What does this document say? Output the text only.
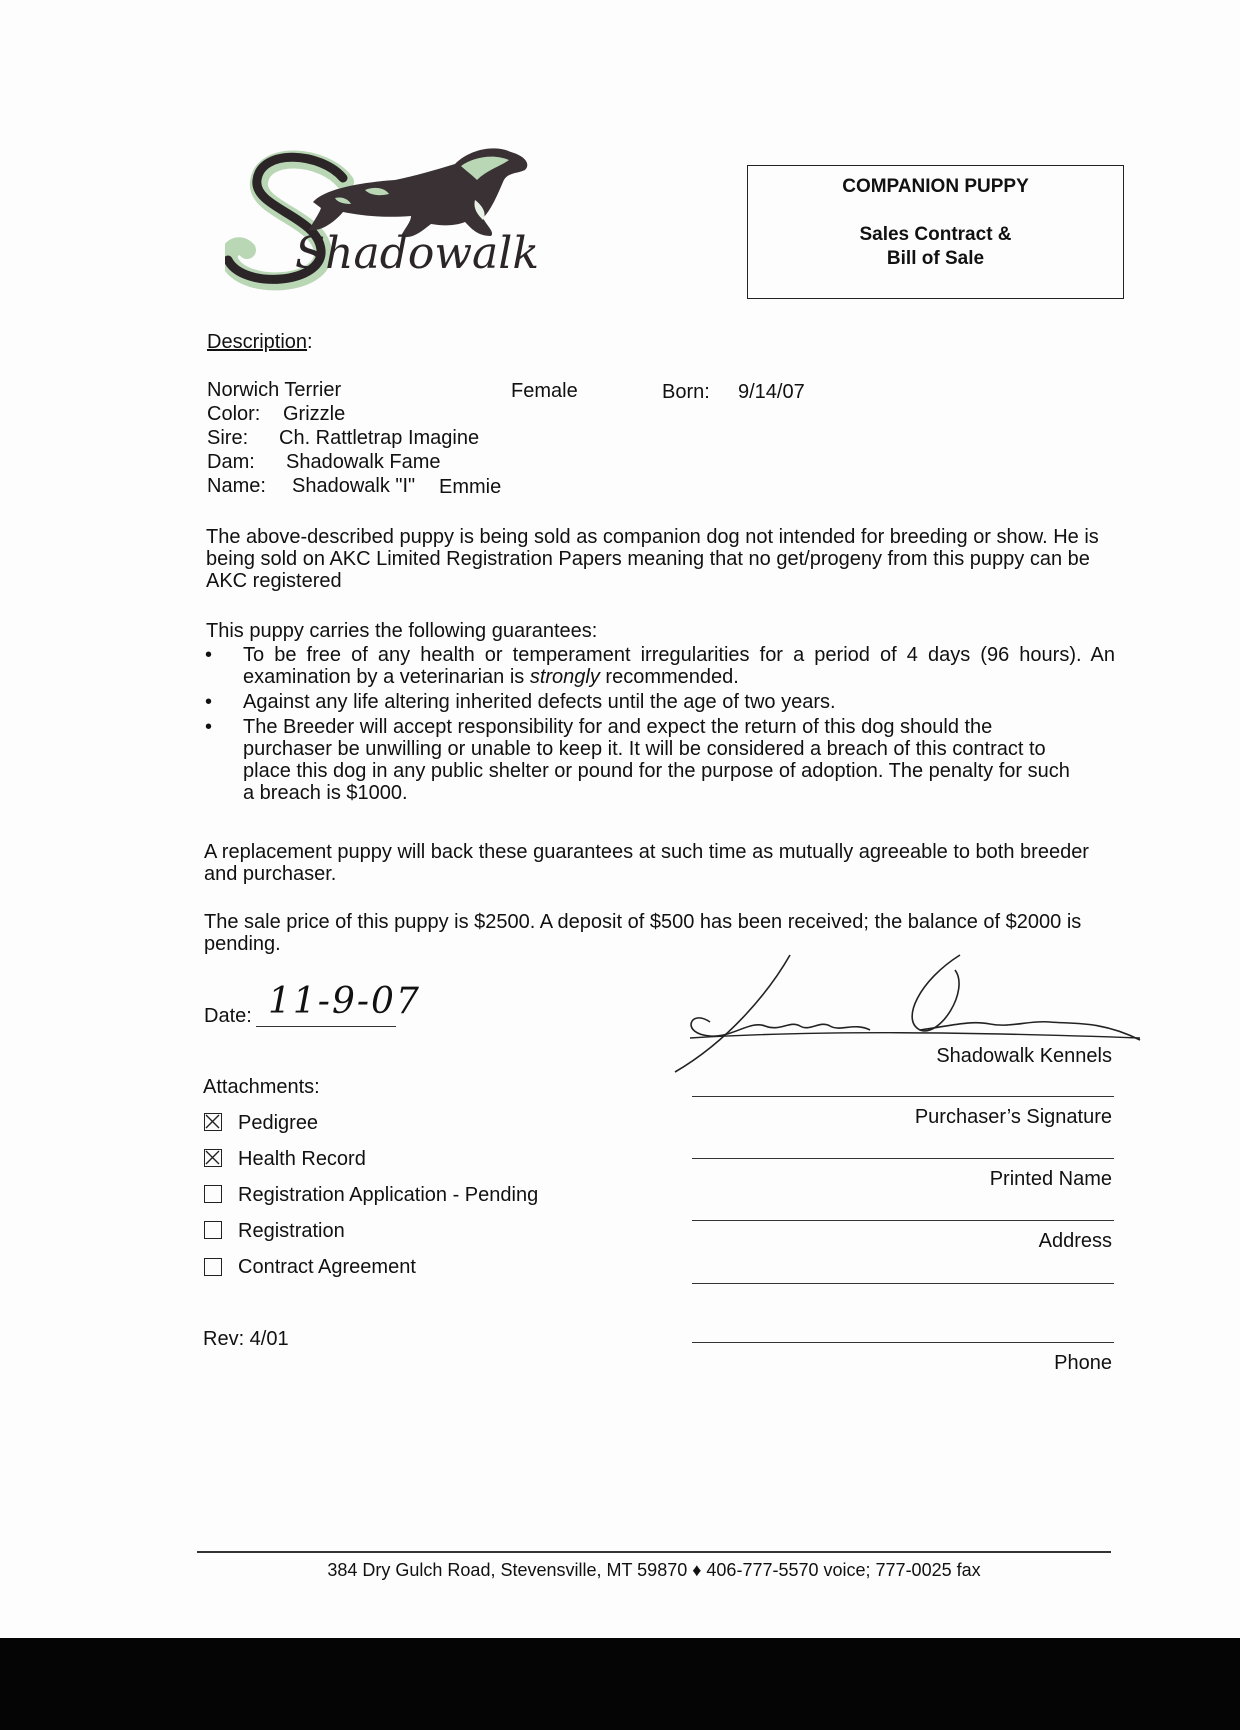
Shadowalk
COMPANION PUPPY
Sales Contract &
Bill of Sale
Description:
Norwich Terrier	Female	Born: 9/14/07
Color: Grizzle
Sire: Ch. Rattletrap Imagine
Dam: Shadowalk Fame
Name: Shadowalk "I" Emmie
The above-described puppy is being sold as companion dog not intended for breeding or show. He is being sold on AKC Limited Registration Papers meaning that no get/progeny from this puppy can be AKC registered
This puppy carries the following guarantees:
• To be free of any health or temperament irregularities for a period of 4 days (96 hours). An examination by a veterinarian is strongly recommended.
• Against any life altering inherited defects until the age of two years.
• The Breeder will accept responsibility for and expect the return of this dog should the purchaser be unwilling or unable to keep it. It will be considered a breach of this contract to place this dog in any public shelter or pound for the purpose of adoption. The penalty for such a breach is $1000.
A replacement puppy will back these guarantees at such time as mutually agreeable to both breeder and purchaser.
The sale price of this puppy is $2500. A deposit of $500 has been received; the balance of $2000 is pending.
Date: 11-9-07
Shadowalk Kennels
Purchaser’s Signature
Printed Name
Address
Phone
Attachments:
Pedigree
Health Record
Registration Application - Pending
Registration
Contract Agreement
Rev: 4/01
384 Dry Gulch Road, Stevensville, MT 59870 ♦ 406-777-5570 voice; 777-0025 fax
